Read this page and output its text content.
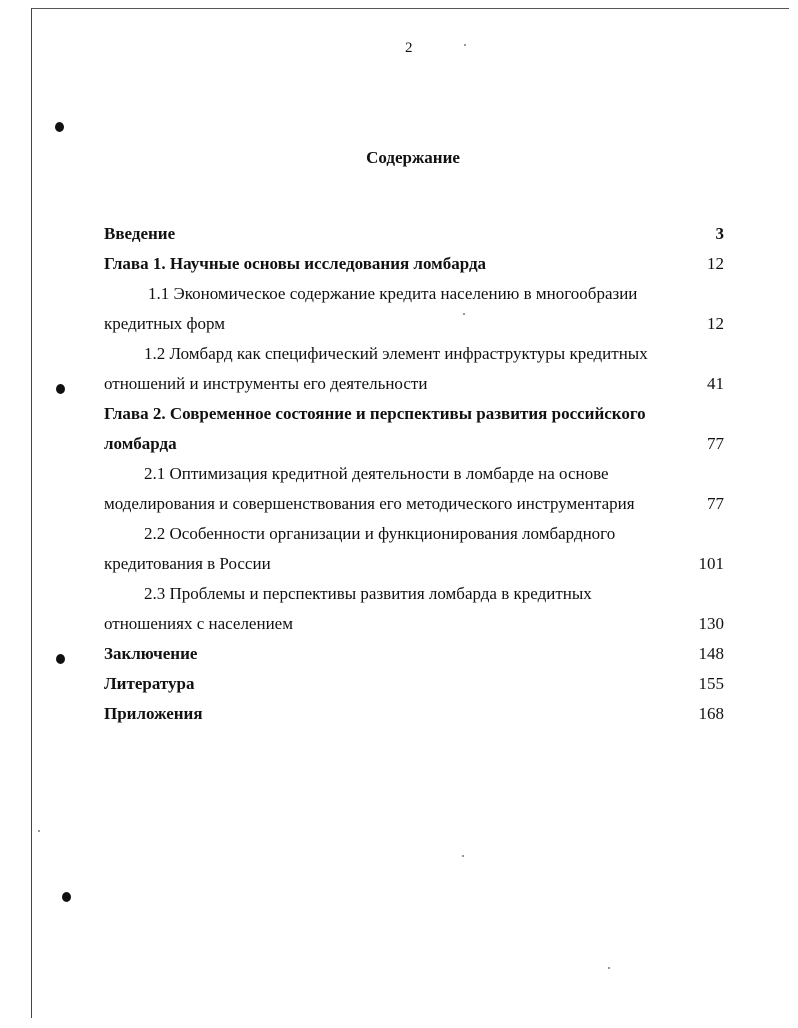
2
Содержание
Введение	3
Глава 1. Научные основы исследования ломбарда	12
1.1 Экономическое содержание кредита населению в многообразии
кредитных форм	12
1.2 Ломбард как специфический элемент инфраструктуры кредитных
отношений и инструменты его деятельности	41
Глава 2. Современное состояние и перспективы развития российского
ломбарда	77
2.1 Оптимизация кредитной деятельности в ломбарде на основе
моделирования и совершенствования его методического инструментария	77
2.2 Особенности организации и функционирования ломбардного
кредитования в России	101
2.3 Проблемы и перспективы развития ломбарда в кредитных
отношениях с населением	130
Заключение	148
Литература	155
Приложения	168
